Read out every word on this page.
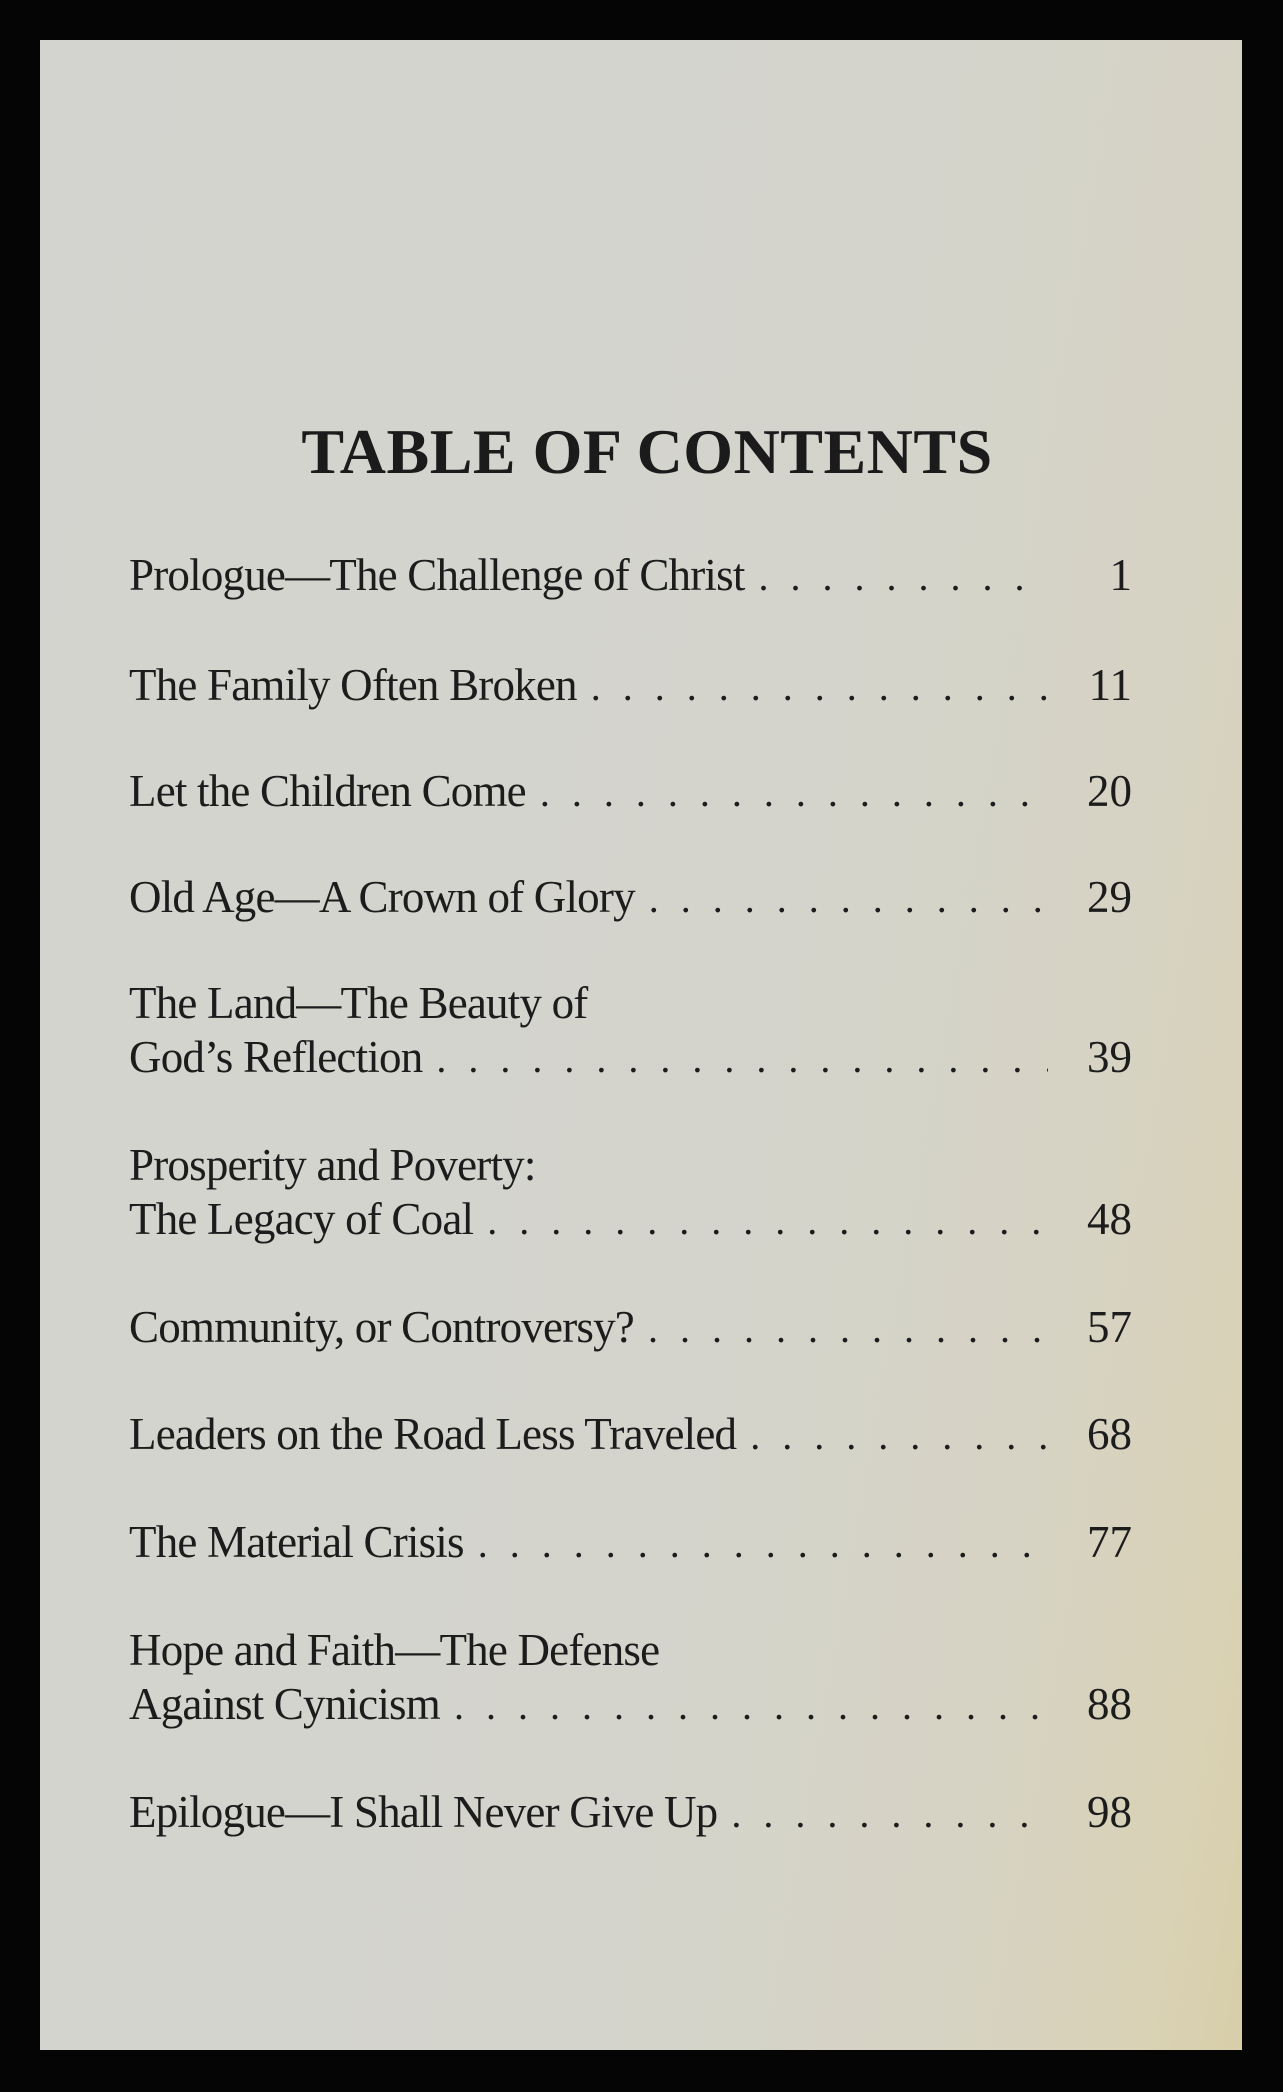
TABLE OF CONTENTS
Prologue—The Challenge of Christ . . .	1
The Family Often Broken . . .	11
Let the Children Come . . .	20
Old Age—A Crown of Glory . . .	29
The Land—The Beauty of
God’s Reflection . . .	39
Prosperity and Poverty:
The Legacy of Coal . . .	48
Community, or Controversy? . . .	57
Leaders on the Road Less Traveled . . .	68
The Material Crisis . . .	77
Hope and Faith—The Defense
Against Cynicism . . .	88
Epilogue—I Shall Never Give Up . . .	98
